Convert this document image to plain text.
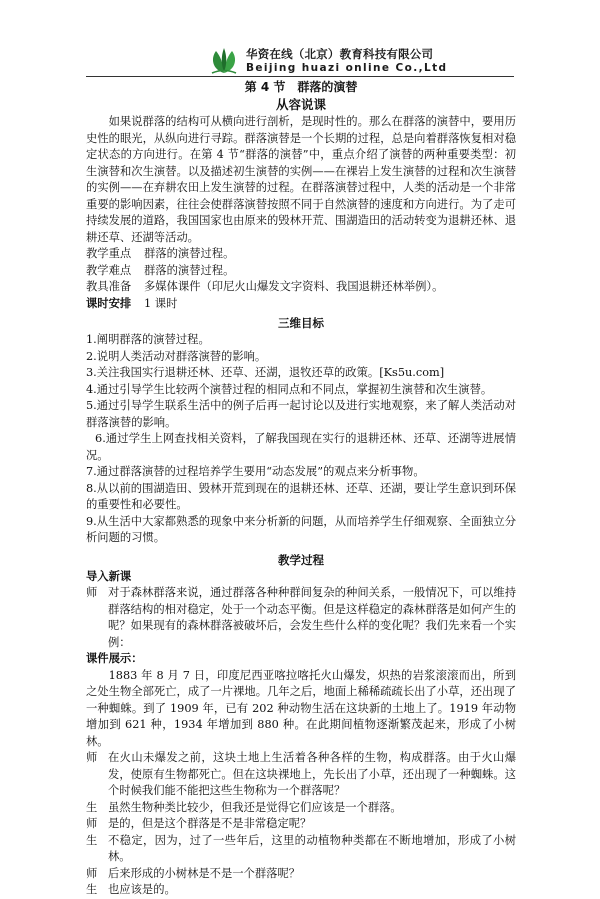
华资在线（北京）教育科技有限公司
Beijing huazi online Co.,Ltd

第 4 节　群落的演替

从容说课

如果说群落的结构可从横向进行剖析，是现时性的。那么在群落的演替中，要用历史性的眼光，从纵向进行寻踪。群落演替是一个长期的过程，总是向着群落恢复相对稳定状态的方向进行。在第 4 节“群落的演替”中，重点介绍了演替的两种重要类型：初生演替和次生演替。以及描述初生演替的实例——在裸岩上发生演替的过程和次生演替的实例——在弃耕农田上发生演替的过程。在群落演替过程中，人类的活动是一个非常重要的影响因素，往往会使群落演替按照不同于自然演替的速度和方向进行。为了走可持续发展的道路，我国国家也由原来的毁林开荒、围湖造田的活动转变为退耕还林、退耕还草、还湖等活动。

教学重点 群落的演替过程。

教学难点 群落的演替过程。

教具准备 多媒体课件（印尼火山爆发文字资料、我国退耕还林举例）。

课时安排 1 课时

三维目标

1.阐明群落的演替过程。
2.说明人类活动对群落演替的影响。
3.关注我国实行退耕还林、还草、还湖，退牧还草的政策。[Ks5u.com]
4.通过引导学生比较两个演替过程的相同点和不同点，掌握初生演替和次生演替。
5.通过引导学生联系生活中的例子后再一起讨论以及进行实地观察，来了解人类活动对群落演替的影响。
6.通过学生上网查找相关资料，了解我国现在实行的退耕还林、还草、还湖等进展情况。
7.通过群落演替的过程培养学生要用“动态发展”的观点来分析事物。
8.从以前的围湖造田、毁林开荒到现在的退耕还林、还草、还湖，要让学生意识到环保的重要性和必要性。
9.从生活中大家都熟悉的现象中来分析新的问题，从而培养学生仔细观察、全面独立分析问题的习惯。

教学过程

导入新课

师 对于森林群落来说，通过群落各种种群间复杂的种间关系，一般情况下，可以维持群落结构的相对稳定，处于一个动态平衡。但是这样稳定的森林群落是如何产生的呢？如果现有的森林群落被破坏后，会发生些什么样的变化呢？我们先来看一个实例：

课件展示：

1883 年 8 月 7 日，印度尼西亚喀拉喀托火山爆发，炽热的岩浆滚滚而出，所到之处生物全部死亡，成了一片裸地。几年之后，地面上稀稀疏疏长出了小草，还出现了一种蜘蛛。到了 1909 年，已有 202 种动物生活在这块新的土地上了。1919 年动物增加到 621 种，1934 年增加到 880 种。在此期间植物逐渐繁茂起来，形成了小树林。

师 在火山未爆发之前，这块土地上生活着各种各样的生物，构成群落。由于火山爆发，使原有生物都死亡。但在这块裸地上，先长出了小草，还出现了一种蜘蛛。这个时候我们能不能把这些生物称为一个群落呢？

生 虽然生物种类比较少，但我还是觉得它们应该是一个群落。

师 是的，但是这个群落是不是非常稳定呢？

生 不稳定，因为，过了一些年后，这里的动植物种类都在不断地增加，形成了小树林。

师 后来形成的小树林是不是一个群落呢？

生 也应该是的。
